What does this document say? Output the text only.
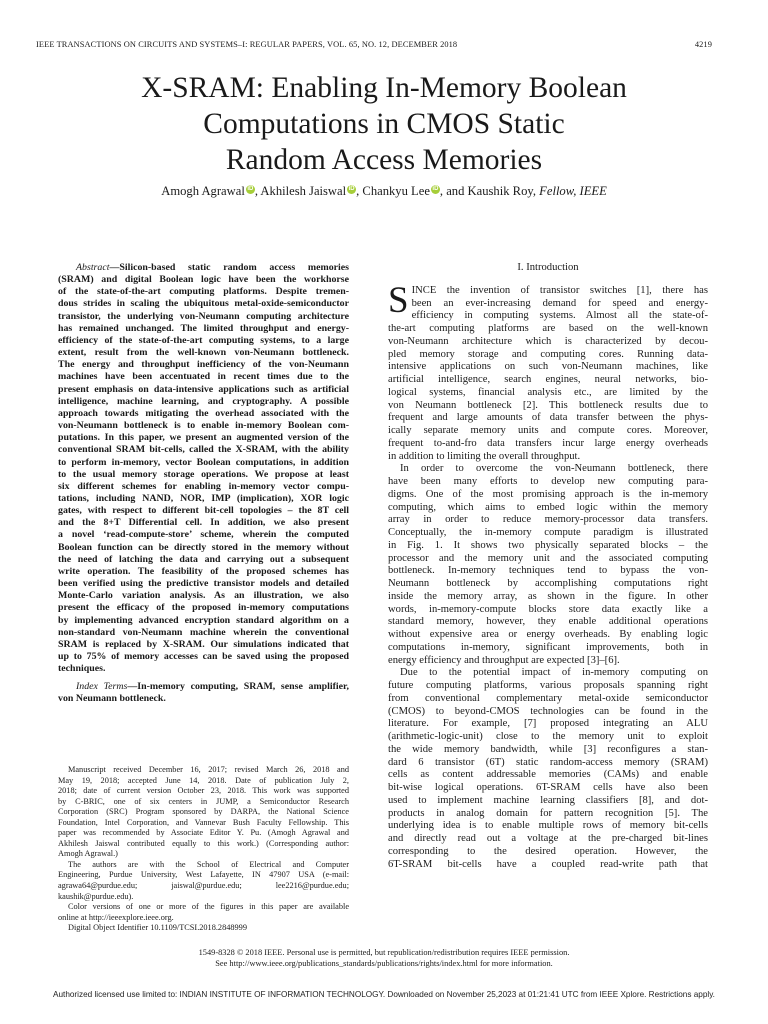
IEEE TRANSACTIONS ON CIRCUITS AND SYSTEMS–I: REGULAR PAPERS, VOL. 65, NO. 12, DECEMBER 2018	4219
X-SRAM: Enabling In-Memory Boolean
Computations in CMOS Static
Random Access Memories
Amogh Agrawal iD , Akhilesh Jaiswal iD , Chankyu Lee iD , and Kaushik Roy, Fellow, IEEE
Abstract—Silicon-based static random access memories
(SRAM) and digital Boolean logic have been the workhorse
of the state-of-the-art computing platforms. Despite tremen-
dous strides in scaling the ubiquitous metal-oxide-semiconductor
transistor, the underlying von-Neumann computing architecture
has remained unchanged. The limited throughput and energy-
efficiency of the state-of-the-art computing systems, to a large
extent, result from the well-known von-Neumann bottleneck.
The energy and throughput inefficiency of the von-Neumann
machines have been accentuated in recent times due to the
present emphasis on data-intensive applications such as artificial
intelligence, machine learning, and cryptography. A possible
approach towards mitigating the overhead associated with the
von-Neumann bottleneck is to enable in-memory Boolean com-
putations. In this paper, we present an augmented version of the
conventional SRAM bit-cells, called the X-SRAM, with the ability
to perform in-memory, vector Boolean computations, in addition
to the usual memory storage operations. We propose at least
six different schemes for enabling in-memory vector compu-
tations, including NAND, NOR, IMP (implication), XOR logic
gates, with respect to different bit-cell topologies – the 8T cell
and the 8+T Differential cell. In addition, we also present
a novel ‘read-compute-store’ scheme, wherein the computed
Boolean function can be directly stored in the memory without
the need of latching the data and carrying out a subsequent
write operation. The feasibility of the proposed schemes has
been verified using the predictive transistor models and detailed
Monte-Carlo variation analysis. As an illustration, we also
present the efficacy of the proposed in-memory computations
by implementing advanced encryption standard algorithm on a
non-standard von-Neumann machine wherein the conventional
SRAM is replaced by X-SRAM. Our simulations indicated that
up to 75% of memory accesses can be saved using the proposed
techniques.
Index Terms—In-memory computing, SRAM, sense amplifier,
von Neumann bottleneck.
Manuscript received December 16, 2017; revised March 26, 2018 and
May 19, 2018; accepted June 14, 2018. Date of publication July 2,
2018; date of current version October 23, 2018. This work was supported
by C-BRIC, one of six centers in JUMP, a Semiconductor Research
Corporation (SRC) Program sponsored by DARPA, the National Science
Foundation, Intel Corporation, and Vannevar Bush Faculty Fellowship. This
paper was recommended by Associate Editor Y. Pu. (Amogh Agrawal and
Akhilesh Jaiswal contributed equally to this work.) (Corresponding author:
Amogh Agrawal.)
The authors are with the School of Electrical and Computer
Engineering, Purdue University, West Lafayette, IN 47907 USA (e-mail:
agrawa64@purdue.edu; jaiswal@purdue.edu; lee2216@purdue.edu;
kaushik@purdue.edu).
Color versions of one or more of the figures in this paper are available
online at http://ieeexplore.ieee.org.
Digital Object Identifier 10.1109/TCSI.2018.2848999
I. Introduction
S INCE the invention of transistor switches [1], there has
been an ever-increasing demand for speed and energy-
efficiency in computing systems. Almost all the state-of-
the-art computing platforms are based on the well-known
von-Neumann architecture which is characterized by decou-
pled memory storage and computing cores. Running data-
intensive applications on such von-Neumann machines, like
artificial intelligence, search engines, neural networks, bio-
logical systems, financial analysis etc., are limited by the
von Neumann bottleneck [2]. This bottleneck results due to
frequent and large amounts of data transfer between the phys-
ically separate memory units and compute cores. Moreover,
frequent to-and-fro data transfers incur large energy overheads
in addition to limiting the overall throughput.
In order to overcome the von-Neumann bottleneck, there
have been many efforts to develop new computing para-
digms. One of the most promising approach is the in-memory
computing, which aims to embed logic within the memory
array in order to reduce memory-processor data transfers.
Conceptually, the in-memory compute paradigm is illustrated
in Fig. 1. It shows two physically separated blocks – the
processor and the memory unit and the associated computing
bottleneck. In-memory techniques tend to bypass the von-
Neumann bottleneck by accomplishing computations right
inside the memory array, as shown in the figure. In other
words, in-memory-compute blocks store data exactly like a
standard memory, however, they enable additional operations
without expensive area or energy overheads. By enabling logic
computations in-memory, significant improvements, both in
energy efficiency and throughput are expected [3]–[6].
Due to the potential impact of in-memory computing on
future computing platforms, various proposals spanning right
from conventional complementary metal-oxide semiconductor
(CMOS) to beyond-CMOS technologies can be found in the
literature. For example, [7] proposed integrating an ALU
(arithmetic-logic-unit) close to the memory unit to exploit
the wide memory bandwidth, while [3] reconfigures a stan-
dard 6 transistor (6T) static random-access memory (SRAM)
cells as content addressable memories (CAMs) and enable
bit-wise logical operations. 6T-SRAM cells have also been
used to implement machine learning classifiers [8], and dot-
products in analog domain for pattern recognition [5]. The
underlying idea is to enable multiple rows of memory bit-cells
and directly read out a voltage at the pre-charged bit-lines
corresponding to the desired operation. However, the
6T-SRAM bit-cells have a coupled read-write path that
1549-8328 © 2018 IEEE. Personal use is permitted, but republication/redistribution requires IEEE permission.
See http://www.ieee.org/publications_standards/publications/rights/index.html for more information.
Authorized licensed use limited to: INDIAN INSTITUTE OF INFORMATION TECHNOLOGY. Downloaded on November 25,2023 at 01:21:41 UTC from IEEE Xplore. Restrictions apply.
